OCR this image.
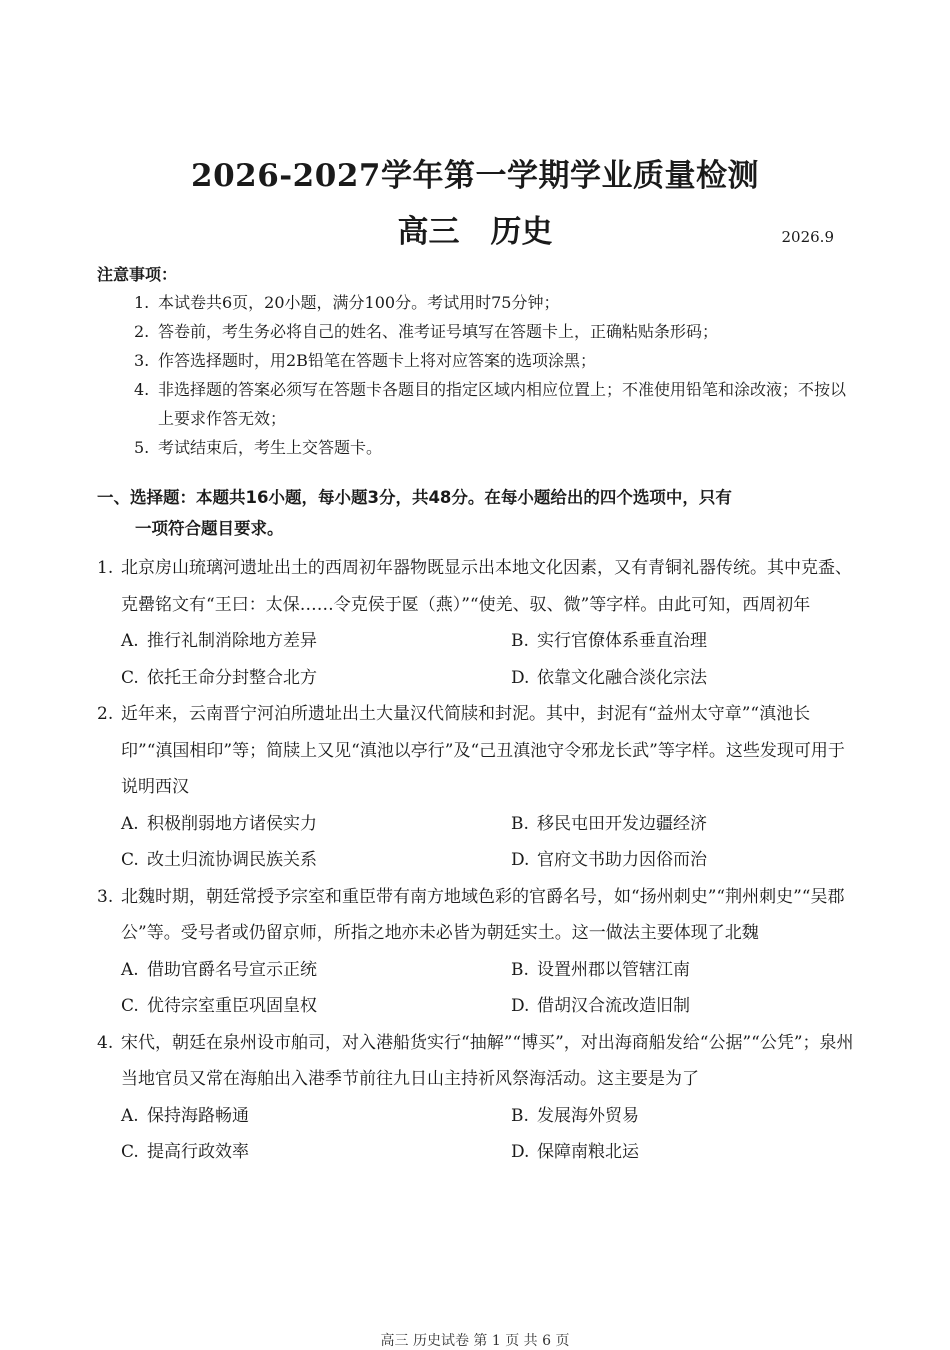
2026-2027学年第一学期学业质量检测
高三　历史	2026.9
注意事项：
1. 本试卷共6页，20小题，满分100分。考试用时75分钟；
2. 答卷前，考生务必将自己的姓名、准考证号填写在答题卡上，正确粘贴条形码；
3. 作答选择题时，用2B铅笔在答题卡上将对应答案的选项涂黑；
4. 非选择题的答案必须写在答题卡各题目的指定区域内相应位置上；不准使用铅笔和涂改液；不按以上要求作答无效；
5. 考试结束后，考生上交答题卡。
一、选择题：本题共16小题，每小题3分，共48分。在每小题给出的四个选项中，只有
一项符合题目要求。
1. 北京房山琉璃河遗址出土的西周初年器物既显示出本地文化因素，又有青铜礼器传统。其中克盉、克罍铭文有“王曰：太保……令克侯于匽（燕）”“使羌、驭、微”等字样。由此可知，西周初年
A. 推行礼制消除地方差异	B. 实行官僚体系垂直治理
C. 依托王命分封整合北方	D. 依靠文化融合淡化宗法
2. 近年来，云南晋宁河泊所遗址出土大量汉代简牍和封泥。其中，封泥有“益州太守章”“滇池长印”“滇国相印”等；简牍上又见“滇池以亭行”及“己丑滇池守令邪龙长武”等字样。这些发现可用于说明西汉
A. 积极削弱地方诸侯实力	B. 移民屯田开发边疆经济
C. 改土归流协调民族关系	D. 官府文书助力因俗而治
3. 北魏时期，朝廷常授予宗室和重臣带有南方地域色彩的官爵名号，如“扬州刺史”“荆州刺史”“吴郡公”等。受号者或仍留京师，所指之地亦未必皆为朝廷实土。这一做法主要体现了北魏
A. 借助官爵名号宣示正统	B. 设置州郡以管辖江南
C. 优待宗室重臣巩固皇权	D. 借胡汉合流改造旧制
4. 宋代，朝廷在泉州设市舶司，对入港船货实行“抽解”“博买”，对出海商船发给“公据”“公凭”；泉州当地官员又常在海舶出入港季节前往九日山主持祈风祭海活动。这主要是为了
A. 保持海路畅通	B. 发展海外贸易
C. 提高行政效率	D. 保障南粮北运
高三 历史试卷 第 1 页 共 6 页
